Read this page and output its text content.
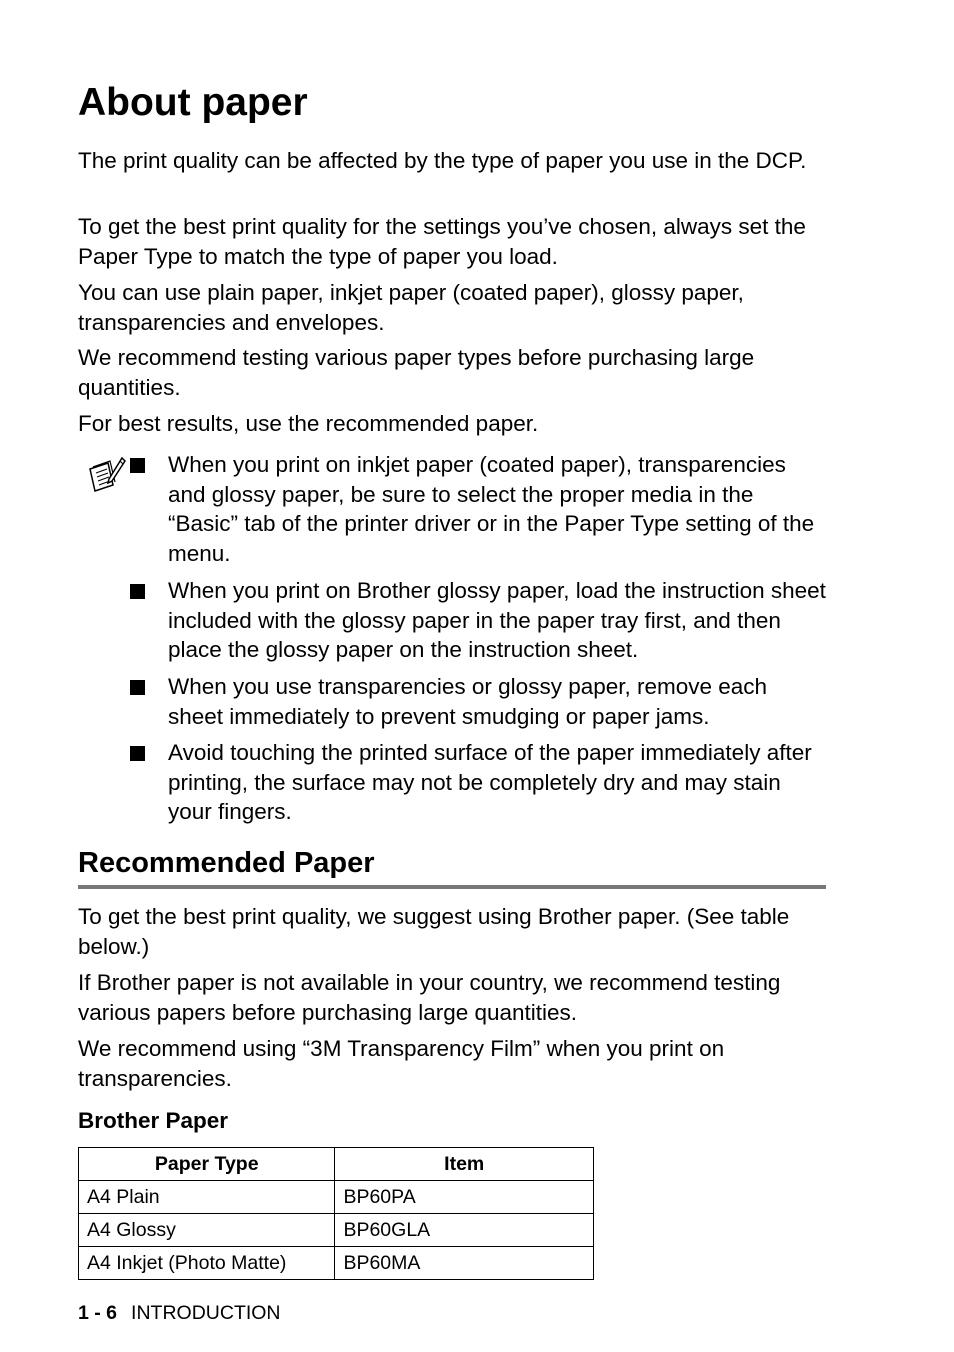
About paper

The print quality can be affected by the type of paper you use in the DCP.

To get the best print quality for the settings you’ve chosen, always set the Paper Type to match the type of paper you load.

You can use plain paper, inkjet paper (coated paper), glossy paper, transparencies and envelopes.

We recommend testing various paper types before purchasing large quantities.

For best results, use the recommended paper.

When you print on inkjet paper (coated paper), transparencies and glossy paper, be sure to select the proper media in the “Basic” tab of the printer driver or in the Paper Type setting of the menu.
When you print on Brother glossy paper, load the instruction sheet included with the glossy paper in the paper tray first, and then place the glossy paper on the instruction sheet.
When you use transparencies or glossy paper, remove each sheet immediately to prevent smudging or paper jams.
Avoid touching the printed surface of the paper immediately after printing, the surface may not be completely dry and may stain your fingers.
Recommended Paper

To get the best print quality, we suggest using Brother paper. (See table below.)

If Brother paper is not available in your country, we recommend testing various papers before purchasing large quantities.

We recommend using “3M Transparency Film” when you print on transparencies.

Brother Paper
Paper Type	Item
A4 Plain	BP60PA
A4 Glossy	BP60GLA
A4 Inkjet (Photo Matte)	BP60MA
1 - 6 INTRODUCTION
